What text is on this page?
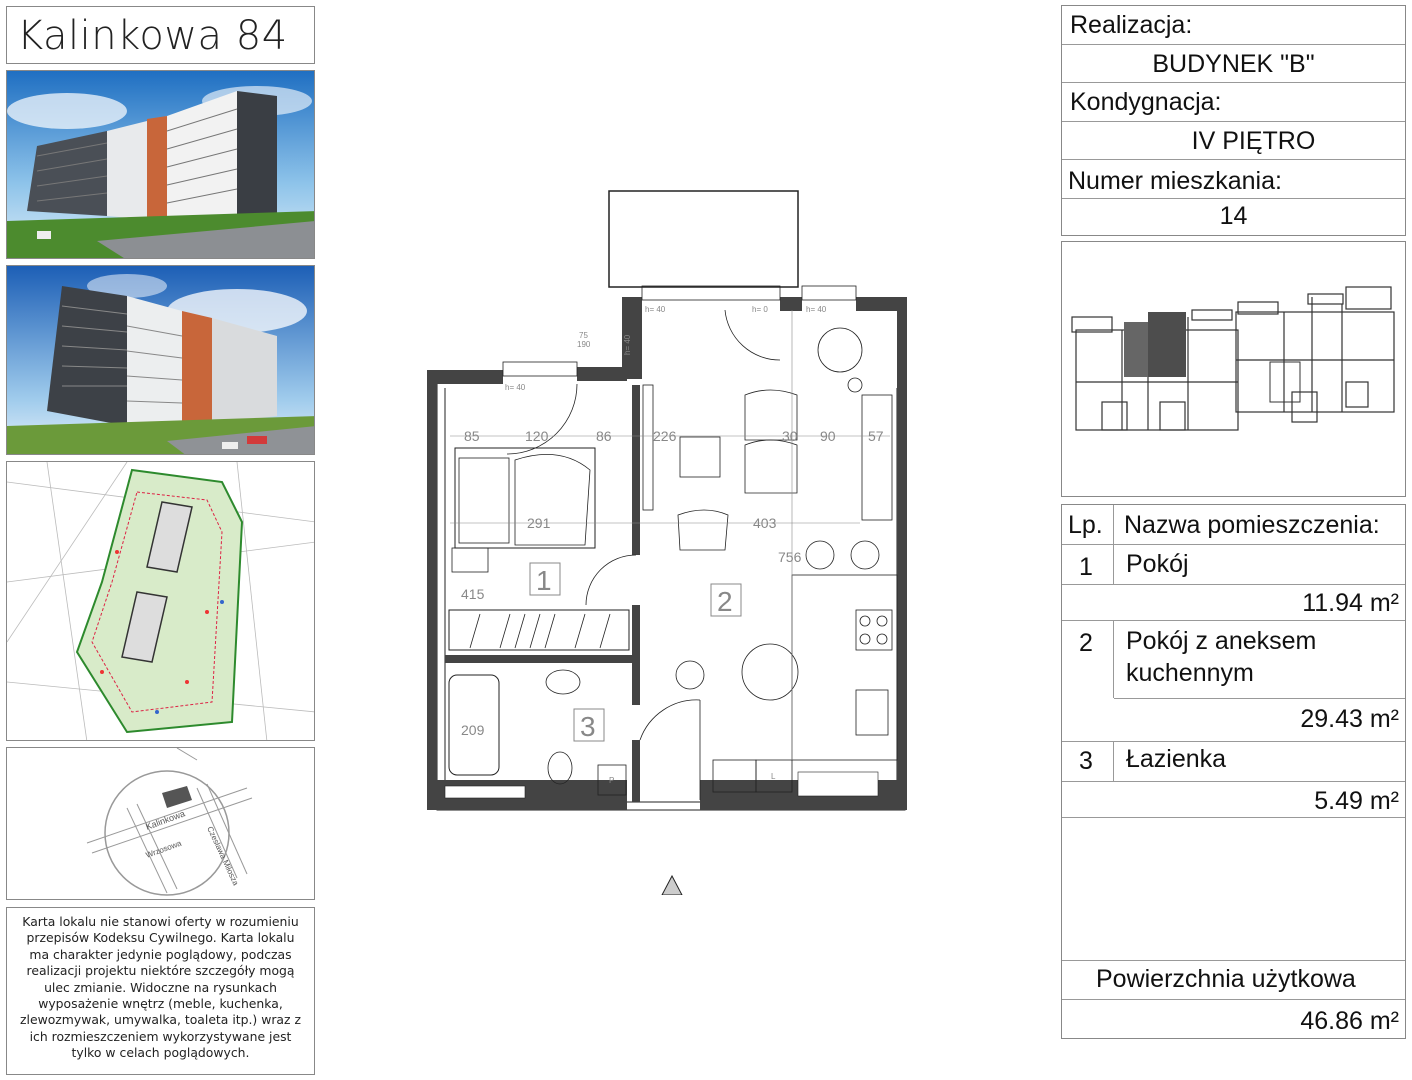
Kalinkowa 84
Kalinkowa
Czesława Miłosza
Wrzosowa

Karta lokalu nie stanowi oferty w rozumieniu przepisów Kodeksu Cywilnego. Karta lokalu ma charakter jedynie poglądowy, podczas realizacji projektu niektóre szczegóły mogą ulec zmianie. Widoczne na rysunkach wyposażenie wnętrz (meble, kuchenka, zlewozmywak, umywalka, toaleta itp.) wraz z ich rozmieszczeniem wykorzystywane jest tylko w celach poglądowych.

85	120	86	226	30 90 57
291	403
756
415
209
h= 40
h= 40	h= 0	h= 40
h= 40
75
190
P	L
1
2
3
Realizacja:
BUDYNEK "B"
Kondygnacja:
IV PIĘTRO
Numer mieszkania:
14
Lp. Nazwa pomieszczenia:
1 Pokój
11.94 m²
2 Pokój z aneksem
kuchennym
29.43 m²
3 Łazienka
5.49 m²
Powierzchnia użytkowa
46.86 m²
